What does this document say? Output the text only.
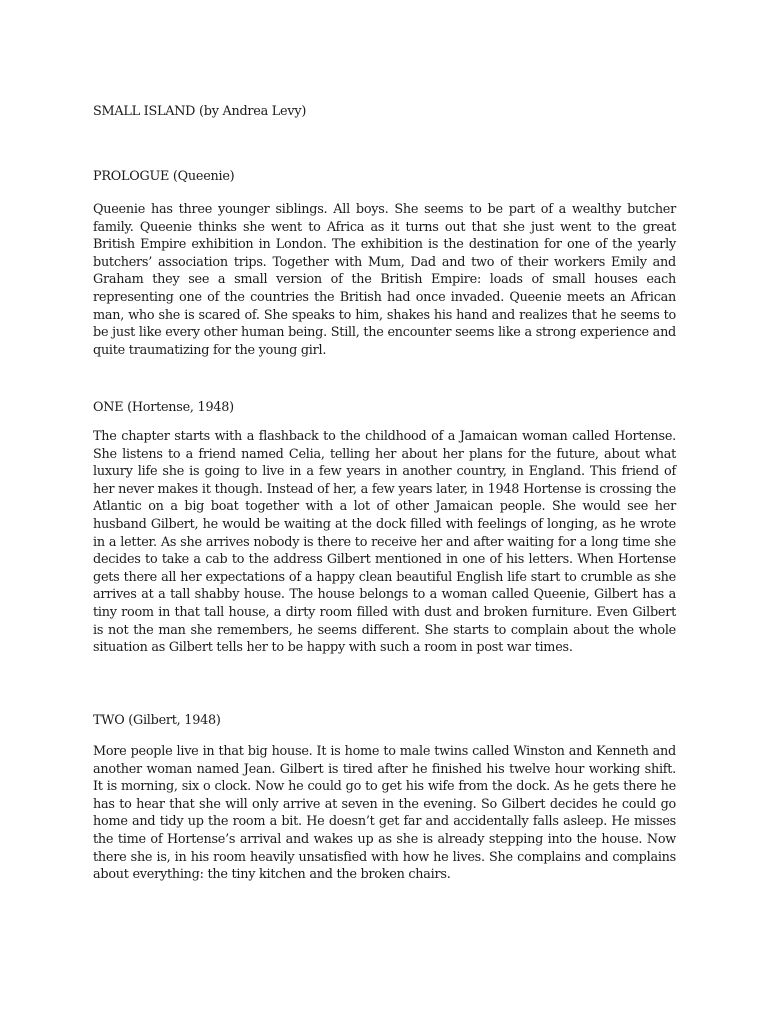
SMALL ISLAND (by Andrea Levy)
PROLOGUE (Queenie)

Queenie has three younger siblings. All boys. She seems to be part of a wealthy butcher family. Queenie thinks she went to Africa as it turns out that she just went to the great British Empire exhibition in London. The exhibition is the destination for one of the yearly butchers’ association trips. Together with Mum, Dad and two of their workers Emily and Graham they see a small version of the British Empire: loads of small houses each representing one of the countries the British had once invaded. Queenie meets an African man, who she is scared of. She speaks to him, shakes his hand and realizes that he seems to be just like every other human being. Still, the encounter seems like a strong experience and quite traumatizing for the young girl.

ONE (Hortense, 1948)

The chapter starts with a flashback to the childhood of a Jamaican woman called Hortense. She listens to a friend named Celia, telling her about her plans for the future, about what luxury life she is going to live in a few years in another country, in England. This friend of her never makes it though. Instead of her, a few years later, in 1948 Hortense is crossing the Atlantic on a big boat together with a lot of other Jamaican people. She would see her husband Gilbert, he would be waiting at the dock filled with feelings of longing, as he wrote in a letter. As she arrives nobody is there to receive her and after waiting for a long time she decides to take a cab to the address Gilbert mentioned in one of his letters. When Hortense gets there all her expectations of a happy clean beautiful English life start to crumble as she arrives at a tall shabby house. The house belongs to a woman called Queenie, Gilbert has a tiny room in that tall house, a dirty room filled with dust and broken furniture. Even Gilbert is not the man she remembers, he seems different. She starts to complain about the whole situation as Gilbert tells her to be happy with such a room in post war times.

TWO (Gilbert, 1948)

More people live in that big house. It is home to male twins called Winston and Kenneth and another woman named Jean. Gilbert is tired after he finished his twelve hour working shift. It is morning, six o clock. Now he could go to get his wife from the dock. As he gets there he has to hear that she will only arrive at seven in the evening. So Gilbert decides he could go home and tidy up the room a bit. He doesn’t get far and accidentally falls asleep. He misses the time of Hortense’s arrival and wakes up as she is already stepping into the house. Now there she is, in his room heavily unsatisfied with how he lives. She complains and complains about everything: the tiny kitchen and the broken chairs.
